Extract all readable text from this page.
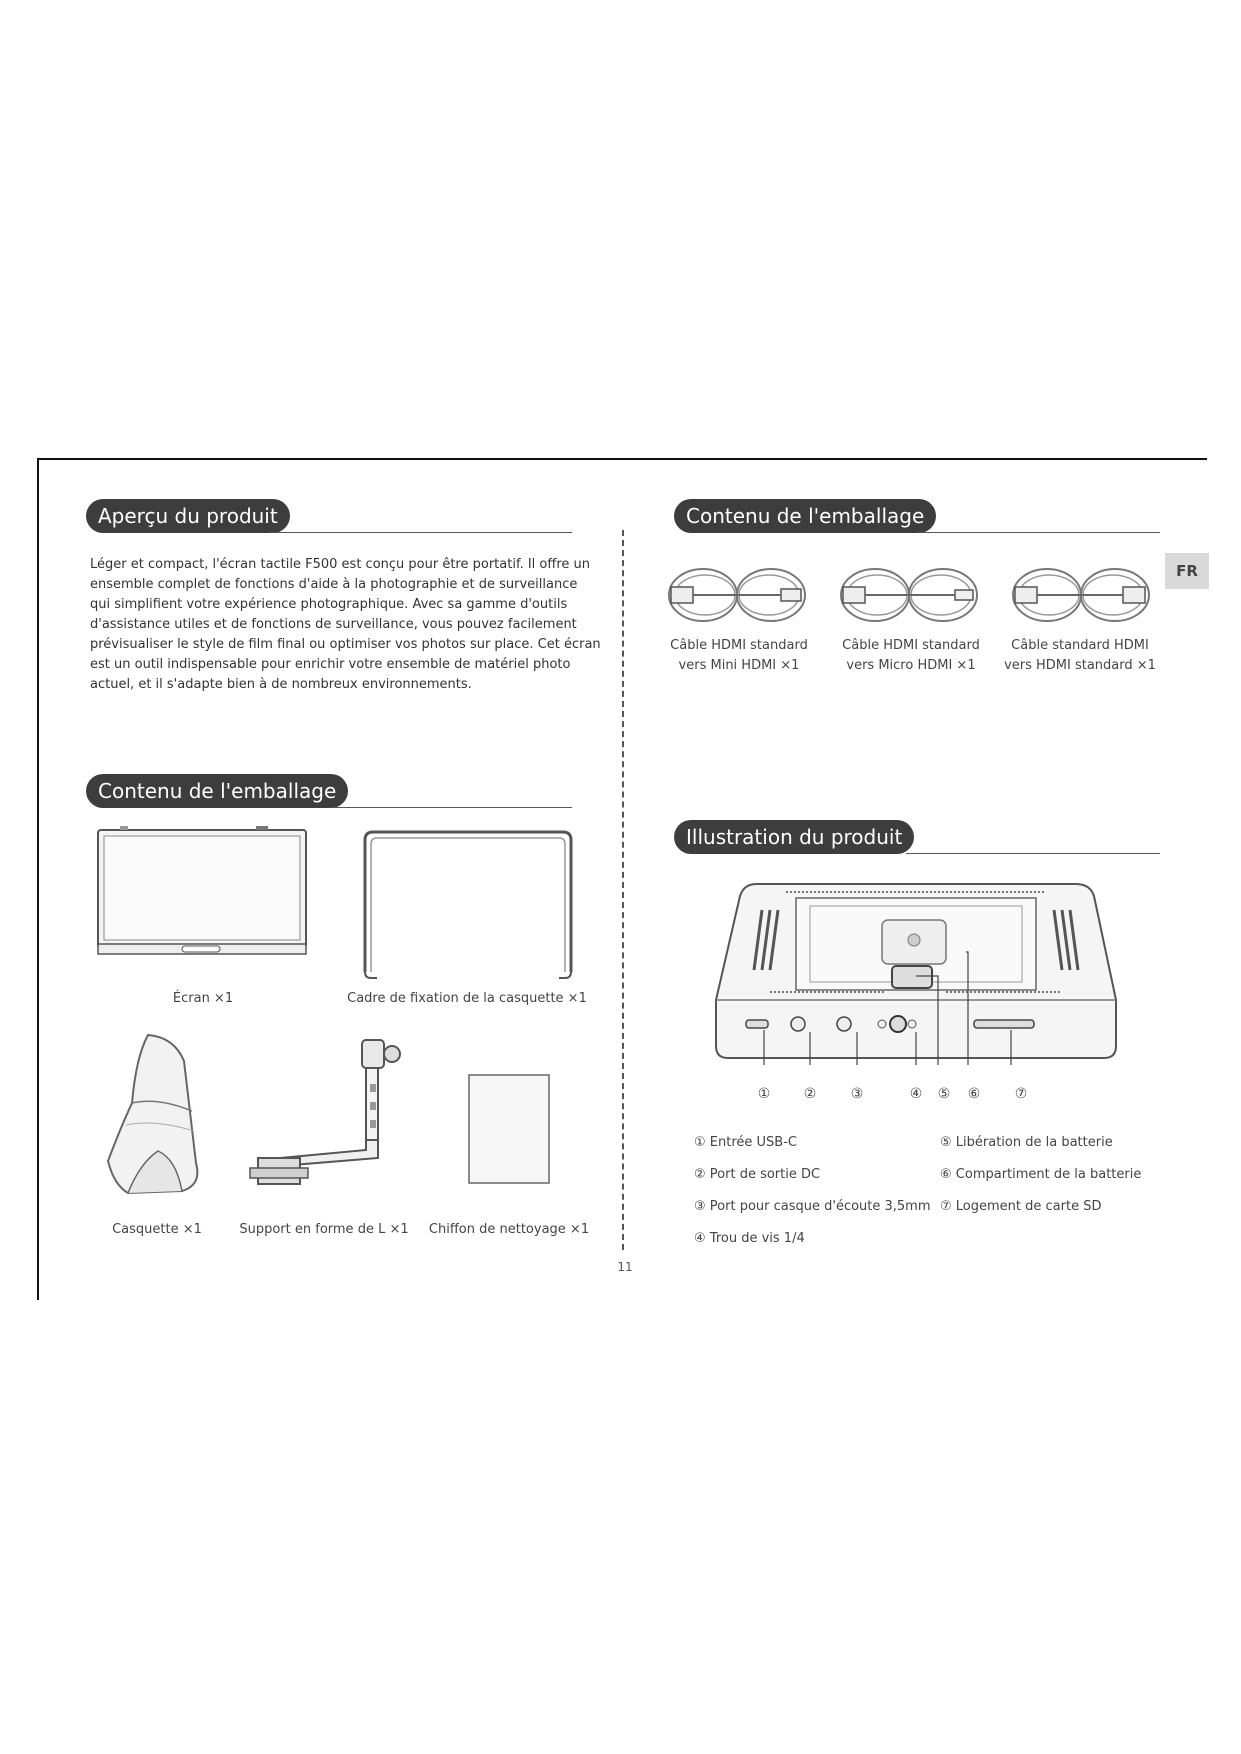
FR
Aperçu du produit
Léger et compact, l'écran tactile F500 est conçu pour être portatif. Il offre un
ensemble complet de fonctions d'aide à la photographie et de surveillance
qui simplifient votre expérience photographique. Avec sa gamme d'outils
d'assistance utiles et de fonctions de surveillance, vous pouvez facilement
prévisualiser le style de film final ou optimiser vos photos sur place. Cet écran
est un outil indispensable pour enrichir votre ensemble de matériel photo
actuel, et il s'adapte bien à de nombreux environnements.
Contenu de l'emballage
Écran ×1	Cadre de fixation de la casquette ×1
Casquette ×1	Support en forme de L ×1	Chiffon de nettoyage ×1
Contenu de l'emballage
Câble HDMI standard
vers Mini HDMI ×1
Câble HDMI standard
vers Micro HDMI ×1
Câble standard HDMI
vers HDMI standard ×1
Illustration du produit
①	②	③	④	⑤	⑥	⑦
① Entrée USB-C
② Port de sortie DC
③ Port pour casque d'écoute 3,5mm
④ Trou de vis 1/4
⑤ Libération de la batterie
⑥ Compartiment de la batterie
⑦ Logement de carte SD
11
